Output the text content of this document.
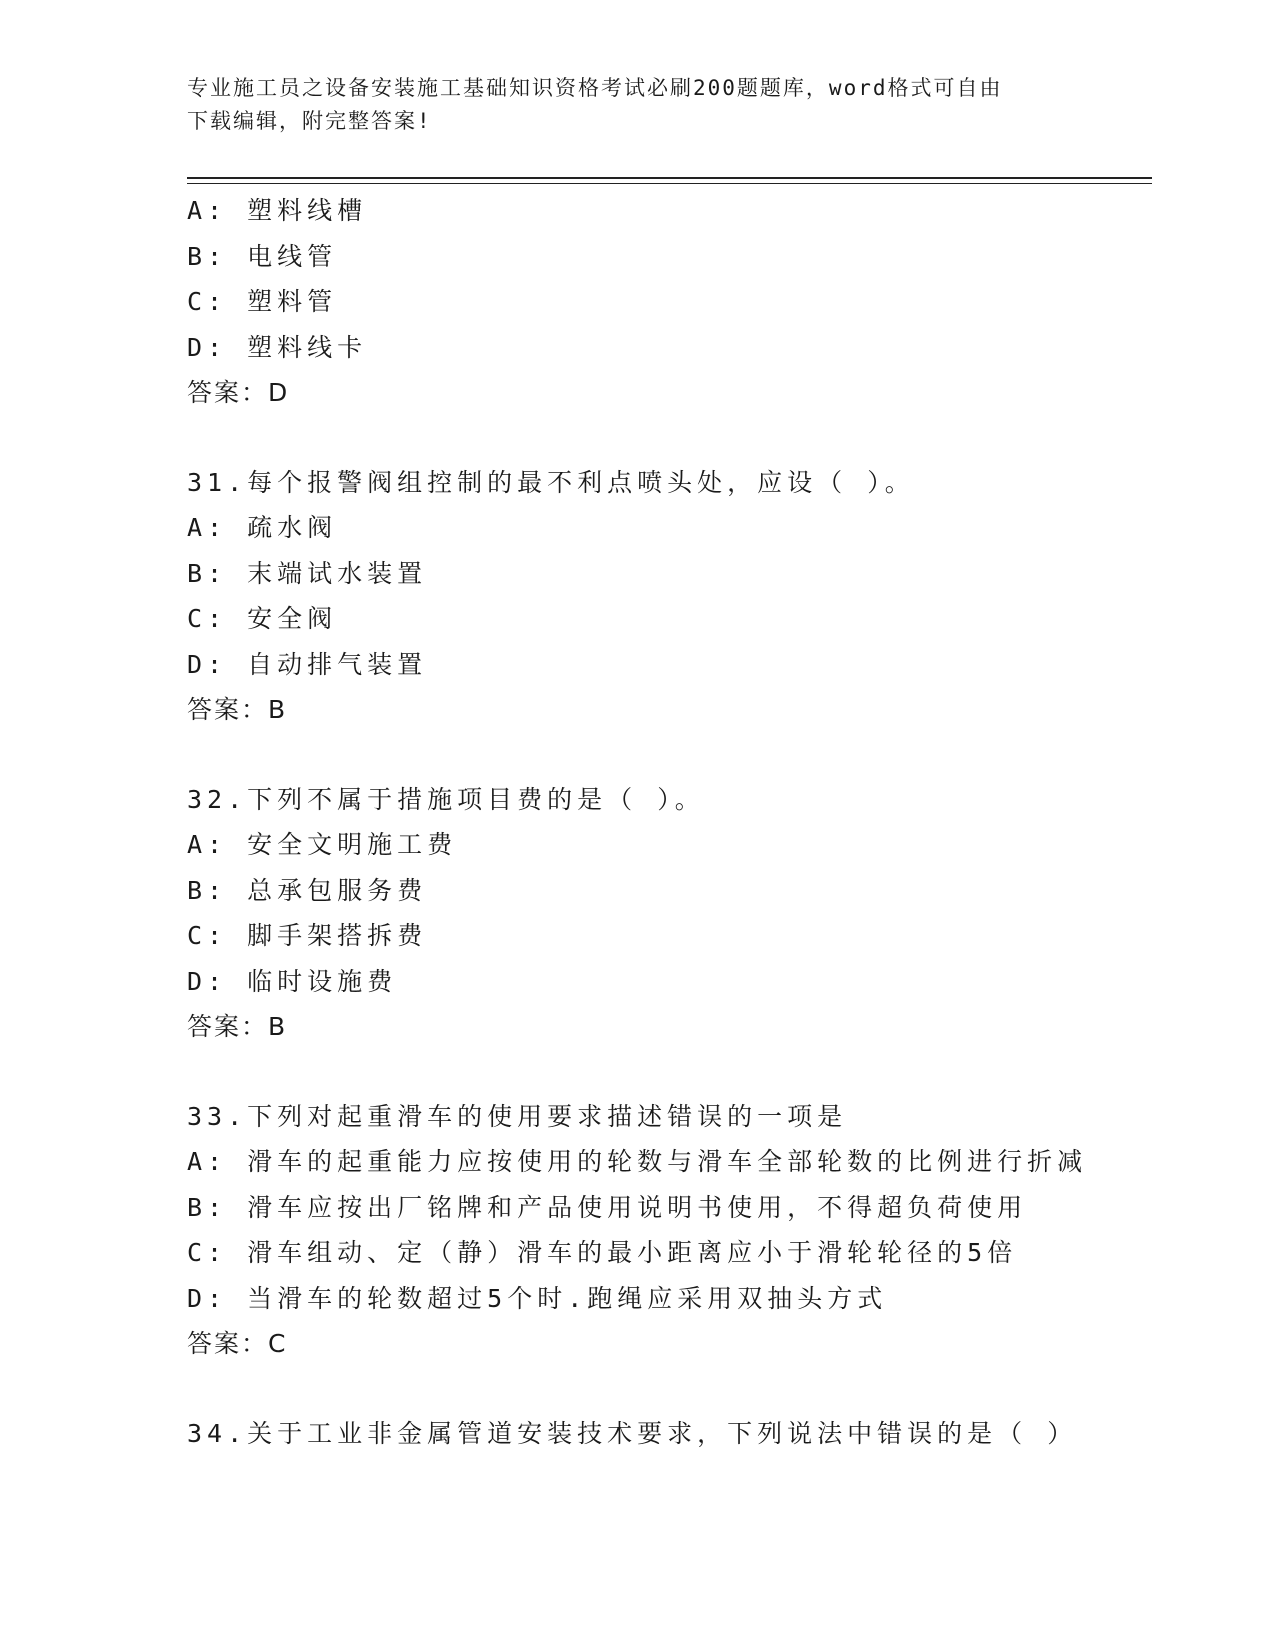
专业施工员之设备安装施工基础知识资格考试必刷200题题库，word格式可自由
下载编辑，附完整答案!
A: 塑料线槽
B: 电线管
C: 塑料管
D: 塑料线卡
答案：D
31.每个报警阀组控制的最不利点喷头处，应设（ ）。
A: 疏水阀
B: 末端试水装置
C: 安全阀
D: 自动排气装置
答案：B
32.下列不属于措施项目费的是（ ）。
A: 安全文明施工费
B: 总承包服务费
C: 脚手架搭拆费
D: 临时设施费
答案：B
33.下列对起重滑车的使用要求描述错误的一项是
A: 滑车的起重能力应按使用的轮数与滑车全部轮数的比例进行折减
B: 滑车应按出厂铭牌和产品使用说明书使用，不得超负荷使用
C: 滑车组动、定（静）滑车的最小距离应小于滑轮轮径的5倍
D: 当滑车的轮数超过5个时.跑绳应采用双抽头方式
答案：C
34.关于工业非金属管道安装技术要求，下列说法中错误的是（ ）
